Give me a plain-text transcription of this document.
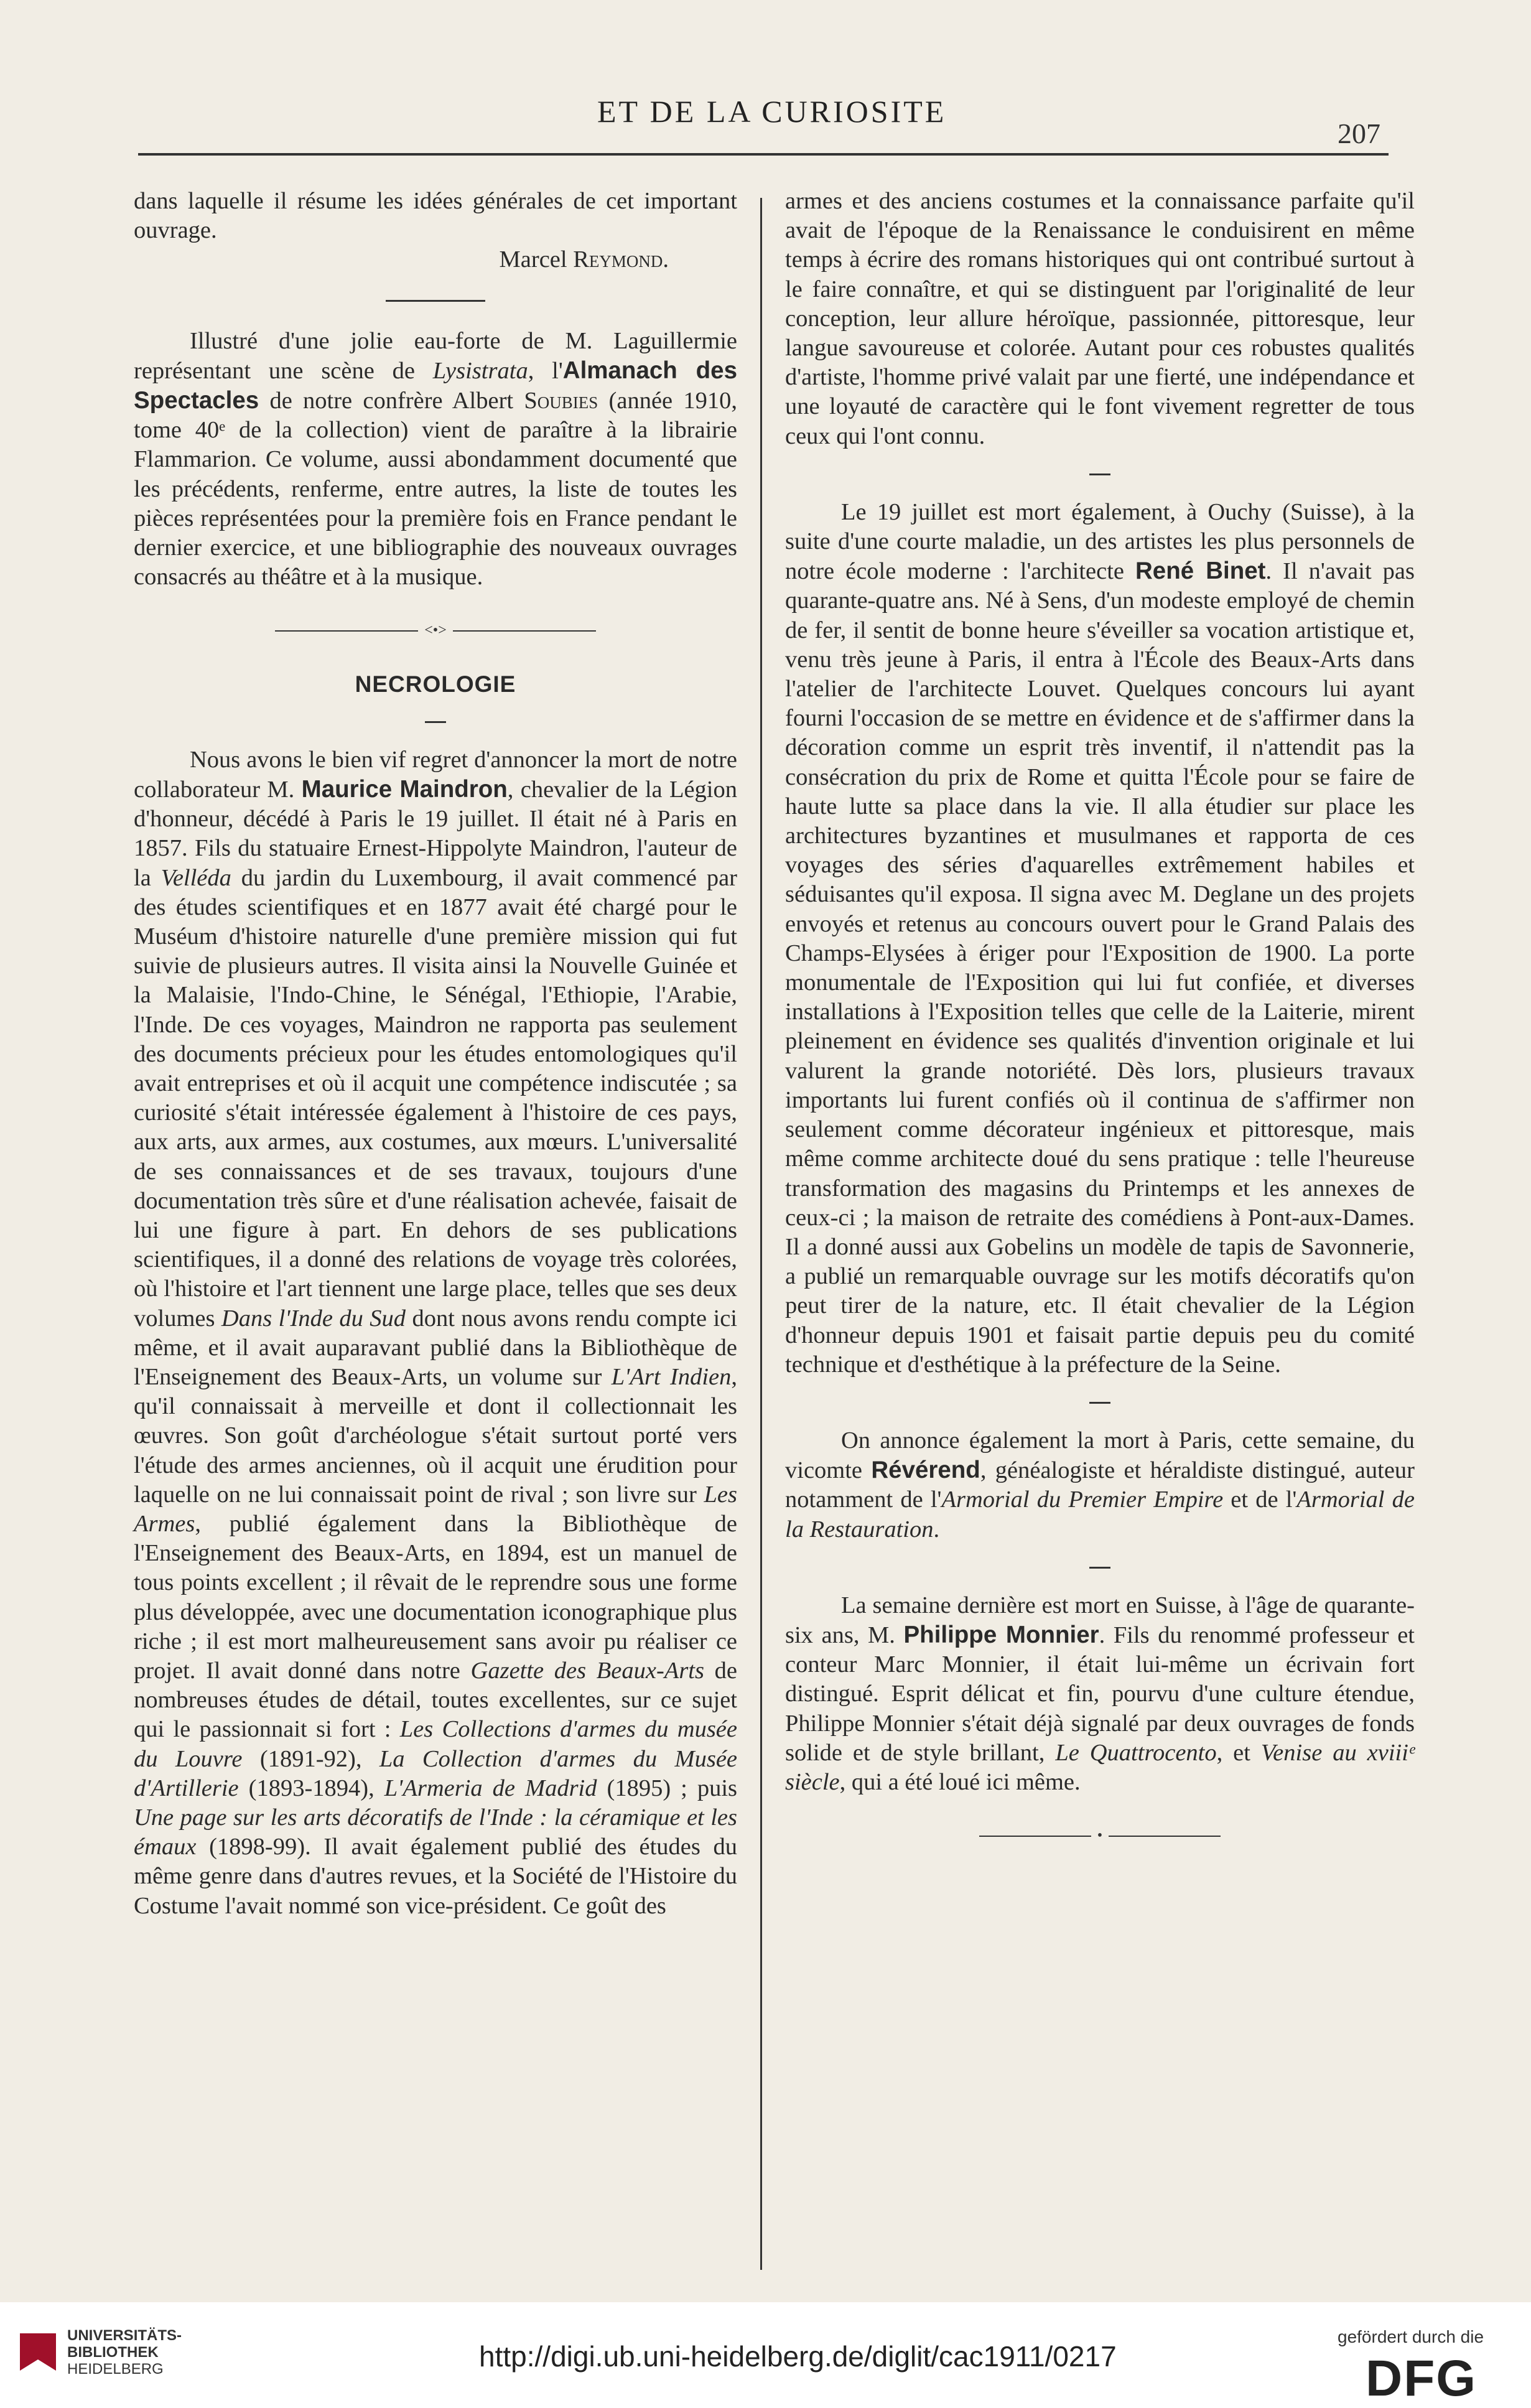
ET DE LA CURIOSITE
207

dans laquelle il résume les idées générales de cet important ouvrage.

Marcel Reymond.

Illustré d'une jolie eau-forte de M. Laguillermie représentant une scène de Lysistrata, l'Almanach des Spectacles de notre confrère Albert Soubies (année 1910, tome 40ᵉ de la collection) vient de paraître à la librairie Flammarion. Ce volume, aussi abondamment documenté que les précédents, renferme, entre autres, la liste de toutes les pièces représentées pour la première fois en France pendant le dernier exercice, et une bibliographie des nouveaux ouvrages consacrés au théâtre et à la musique.

<•>
NECROLOGIE

Nous avons le bien vif regret d'annoncer la mort de notre collaborateur M. Maurice Maindron, chevalier de la Légion d'honneur, décédé à Paris le 19 juillet. Il était né à Paris en 1857. Fils du statuaire Ernest-Hippolyte Maindron, l'auteur de la Velléda du jardin du Luxembourg, il avait commencé par des études scientifiques et en 1877 avait été chargé pour le Muséum d'histoire naturelle d'une première mission qui fut suivie de plusieurs autres. Il visita ainsi la Nouvelle Guinée et la Malaisie, l'Indo-Chine, le Sénégal, l'Ethiopie, l'Arabie, l'Inde. De ces voyages, Maindron ne rapporta pas seulement des documents précieux pour les études entomologiques qu'il avait entreprises et où il acquit une compétence indiscutée ; sa curiosité s'était intéressée également à l'histoire de ces pays, aux arts, aux armes, aux costumes, aux mœurs. L'universalité de ses connaissances et de ses travaux, toujours d'une documentation très sûre et d'une réalisation achevée, faisait de lui une figure à part. En dehors de ses publications scientifiques, il a donné des relations de voyage très colorées, où l'histoire et l'art tiennent une large place, telles que ses deux volumes Dans l'Inde du Sud dont nous avons rendu compte ici même, et il avait auparavant publié dans la Bibliothèque de l'Enseignement des Beaux-Arts, un volume sur L'Art Indien, qu'il connaissait à merveille et dont il collectionnait les œuvres. Son goût d'archéologue s'était surtout porté vers l'étude des armes anciennes, où il acquit une érudition pour laquelle on ne lui connaissait point de rival ; son livre sur Les Armes, publié également dans la Bibliothèque de l'Enseignement des Beaux-Arts, en 1894, est un manuel de tous points excellent ; il rêvait de le reprendre sous une forme plus développée, avec une documentation iconographique plus riche ; il est mort malheureusement sans avoir pu réaliser ce projet. Il avait donné dans notre Gazette des Beaux-Arts de nombreuses études de détail, toutes excellentes, sur ce sujet qui le passionnait si fort : Les Collections d'armes du musée du Louvre (1891-92), La Collection d'armes du Musée d'Artillerie (1893-1894), L'Armeria de Madrid (1895) ; puis Une page sur les arts décoratifs de l'Inde : la céramique et les émaux (1898-99). Il avait également publié des études du même genre dans d'autres revues, et la Société de l'Histoire du Costume l'avait nommé son vice-président. Ce goût des

armes et des anciens costumes et la connaissance parfaite qu'il avait de l'époque de la Renaissance le conduisirent en même temps à écrire des romans historiques qui ont contribué surtout à le faire connaître, et qui se distinguent par l'originalité de leur conception, leur allure héroïque, passionnée, pittoresque, leur langue savoureuse et colorée. Autant pour ces robustes qualités d'artiste, l'homme privé valait par une fierté, une indépendance et une loyauté de caractère qui le font vivement regretter de tous ceux qui l'ont connu.

Le 19 juillet est mort également, à Ouchy (Suisse), à la suite d'une courte maladie, un des artistes les plus personnels de notre école moderne : l'architecte René Binet. Il n'avait pas quarante-quatre ans. Né à Sens, d'un modeste employé de chemin de fer, il sentit de bonne heure s'éveiller sa vocation artistique et, venu très jeune à Paris, il entra à l'École des Beaux-Arts dans l'atelier de l'architecte Louvet. Quelques concours lui ayant fourni l'occasion de se mettre en évidence et de s'affirmer dans la décoration comme un esprit très inventif, il n'attendit pas la consécration du prix de Rome et quitta l'École pour se faire de haute lutte sa place dans la vie. Il alla étudier sur place les architectures byzantines et musulmanes et rapporta de ces voyages des séries d'aquarelles extrêmement habiles et séduisantes qu'il exposa. Il signa avec M. Deglane un des projets envoyés et retenus au concours ouvert pour le Grand Palais des Champs-Elysées à ériger pour l'Exposition de 1900. La porte monumentale de l'Exposition qui lui fut confiée, et diverses installations à l'Exposition telles que celle de la Laiterie, mirent pleinement en évidence ses qualités d'invention originale et lui valurent la grande notoriété. Dès lors, plusieurs travaux importants lui furent confiés où il continua de s'affirmer non seulement comme décorateur ingénieux et pittoresque, mais même comme architecte doué du sens pratique : telle l'heureuse transformation des magasins du Printemps et les annexes de ceux-ci ; la maison de retraite des comédiens à Pont-aux-Dames. Il a donné aussi aux Gobelins un modèle de tapis de Savonnerie, a publié un remarquable ouvrage sur les motifs décoratifs qu'on peut tirer de la nature, etc. Il était chevalier de la Légion d'honneur depuis 1901 et faisait partie depuis peu du comité technique et d'esthétique à la préfecture de la Seine.

On annonce également la mort à Paris, cette semaine, du vicomte Révérend, généalogiste et héraldiste distingué, auteur notamment de l'Armorial du Premier Empire et de l'Armorial de la Restauration.

La semaine dernière est mort en Suisse, à l'âge de quarante-six ans, M. Philippe Monnier. Fils du renommé professeur et conteur Marc Monnier, il était lui-même un écrivain fort distingué. Esprit délicat et fin, pourvu d'une culture étendue, Philippe Monnier s'était déjà signalé par deux ouvrages de fonds solide et de style brillant, Le Quattrocento, et Venise au xviiiᵉ siècle, qui a été loué ici même.

•
UNIVERSITÄTS-
BIBLIOTHEK
HEIDELBERG	http://digi.ub.uni-heidelberg.de/diglit/cac1911/0217
gefördert durch die
DFG
